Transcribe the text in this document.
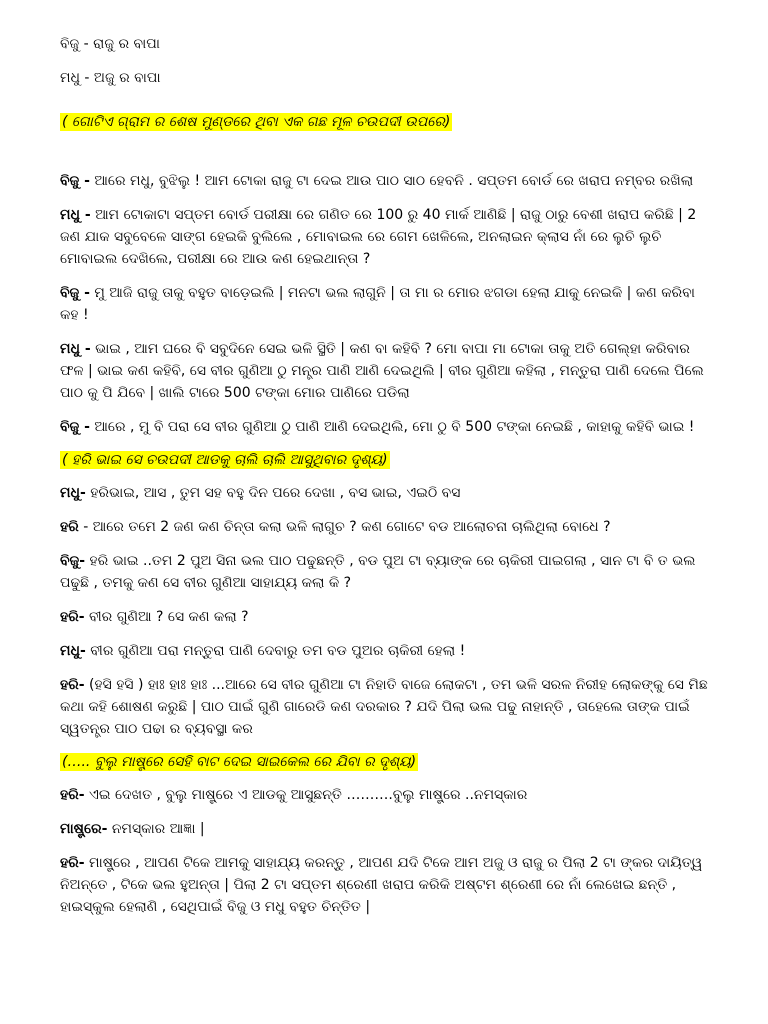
ବିଜୁ - ରାଜୁ ର ବାପା

ମଧୁ - ଅଜୁ ର ବାପା

( ଗୋଟିଏ ଗ୍ରାମ ର ଶେଷ ମୁଣ୍ଡରେ ଥିବା ଏକ ଗଛ ମୂଳ ଚଉପଦୀ ଉପରେ)

ବିଜୁ - ଆରେ ମଧୁ, ବୁଝିଲୁ ! ଆମ ଟୋକା ରାଜୁ ଟା ଦେଇ ଆଉ ପାଠ ସାଠ ହେବନି . ସପ୍ତମ ବୋର୍ଡ ରେ ଖରାପ ନମ୍ବର ରଖିଲା

ମଧୁ - ଆମ ଟୋକାଟା ସପ୍ତମ ବୋର୍ଡ ପରୀକ୍ଷା ରେ ଗଣିତ ରେ 100 ରୁ 40 ମାର୍କ ଆଣିଛି | ରାଜୁ ଠାରୁ ବେଶୀ ଖରାପ କରିଛି | 2 ଜଣ ଯାକ ସବୁବେଳେ ସାଙ୍ଗ ହେଇକି ବୁଲିଲେ , ମୋବାଇଲ ରେ ଗେମ ଖେଳିଲେ, ଅନଲାଇନ କ୍ଲାସ ନାଁ ରେ ଲୁଚି ଲୁଚି ମୋବାଇଲ ଦେଖିଲେ, ପରୀକ୍ଷା ରେ ଆଉ କଣ ହେଇଥାନ୍ତା ?

ବିଜୁ - ମୁ ଆଜି ରାଜୁ ତାକୁ ବହୁତ ବାଡ଼େଇଲି | ମନଟା ଭଲ ଲାଗୁନି | ତା ମା ର ମୋର ଝଗଡା ହେଲା ଯାକୁ ନେଇକି | କଣ କରିବା କହ !

ମଧୁ - ଭାଇ , ଆମ ଘରେ ବି ସବୁଦିନେ ସେଇ ଭଳି ସ୍ଥିତି | କଣ ବା କହିବି ? ମୋ ବାପା ମା ଟୋକା ତାକୁ ଅତି ଗେଲ୍ହା କରିବାର ଫଳ | ଭାଇ କଣ କହିବି, ସେ ବୀର ଗୁଣିଆ ଠୁ ମନ୍ତ୍ର ପାଣି ଆଣି ଦେଇଥିଲି | ବୀର ଗୁଣିଆ କହିଲା , ମନ୍ତୁରା ପାଣି ଦେଲେ ପିଲେ ପାଠ କୁ ପି ଯିବେ | ଖାଲି ଟାରେ 500 ଟଙ୍କା ମୋର ପାଣିରେ ପଡିଲା

ବିଜୁ - ଆରେ , ମୁ ବି ପରା ସେ ବୀର ଗୁଣିଆ ଠୁ ପାଣି ଆଣି ଦେଇଥିଲି, ମୋ ଠୁ ବି 500 ଟଙ୍କା ନେଇଛି , କାହାକୁ କହିବି ଭାଇ !

( ହରି ଭାଇ ସେ ଚଉପଦୀ ଆଡକୁ ଚାଲି ଚାଲି ଆସୁଥିବାର ଦୃଶ୍ୟ)

ମଧୁ- ହରିଭାଇ, ଆସ , ତୁମ ସହ ବହୁ ଦିନ ପରେ ଦେଖା , ବସ ଭାଇ, ଏଇଠି ବସ

ହରି - ଆରେ ତମେ 2 ଜଣ କଣ ଚିନ୍ତା କଲା ଭଳି ଲାଗୁଚ ? କଣ ଗୋଟେ ବଡ ଆଲୋଚନା ଚାଲିଥିଲା ବୋଧେ ?

ବିଜୁ- ହରି ଭାଇ ..ତମ 2 ପୁଅ ସିନା ଭଲ ପାଠ ପଢୁଛନ୍ତି , ବଡ ପୁଅ ଟା ବ୍ୟାଙ୍କ ରେ ଚାକିରୀ ପାଇଗଲା , ସାନ ଟା ବି ତ ଭଲ ପଢୁଛି , ତମକୁ କଣ ସେ ବୀର ଗୁଣିଆ ସାହାଯ୍ୟ କଲା କି ?

ହରି- ବୀର ଗୁଣିଆ ? ସେ କଣ କଲା ?

ମଧୁ- ବୀର ଗୁଣିଆ ପରା ମନ୍ତୁରା ପାଣି ଦେବାରୁ ତମ ବଡ ପୁଅର ଚାକିରୀ ହେଲା !

ହରି- (ହସି ହସି ) ହାଃ ହାଃ ହାଃ ...ଆରେ ସେ ବୀର ଗୁଣିଆ ଟା ନିହାତି ବାଜେ ଲୋକଟା , ତମ ଭଳି ସରଳ ନିରୀହ ଲୋକଙ୍କୁ ସେ ମିଛ କଥା କହି ଶୋଷଣ କରୁଛି | ପାଠ ପାଇଁ ଗୁଣି ଗାରେଡି କଣ ଦରକାର ? ଯଦି ପିଲା ଭଲ ପଢୁ ନାହାନ୍ତି , ତାହେଲେ ତାଙ୍କ ପାଇଁ ସ୍ୱତନ୍ତ୍ର ପାଠ ପଢା ର ବ୍ୟବସ୍ଥା କର

(….. ବୁଲୁ ମାଷ୍ଟ୍ରେ ସେହି ବାଟ ଦେଇ ସାଇକେଲ ରେ ଯିବା ର ଦୃଶ୍ୟ)

ହରି- ଏଇ ଦେଖତ , ବୁଲୁ ମାଷ୍ଟ୍ରେ ଏ ଆଡକୁ ଆସୁଛନ୍ତି ……….ବୁଲୁ ମାଷ୍ଟ୍ରେ ..ନମସ୍କାର

ମାଷ୍ଟ୍ରେ- ନମସ୍କାର ଆଜ୍ଞା |

ହରି- ମାଷ୍ଟ୍ରେ , ଆପଣ ଟିକେ ଆମକୁ ସାହାଯ୍ୟ କରନ୍ତୁ , ଆପଣ ଯଦି ଟିକେ ଆମ ଅଜୁ ଓ ରାଜୁ ର ପିଲା 2 ଟା ଙ୍କର ଦାୟିତ୍ୱ ନିଅନ୍ତେ , ଟିକେ ଭଲ ହୁଅନ୍ତା | ପିଲା 2 ଟା ସପ୍ତମ ଶ୍ରେଣୀ ଖରାପ କରିକି ଅଷ୍ଟମ ଶ୍ରେଣୀ ରେ ନାଁ ଲେଖେଇ ଛନ୍ତି , ହାଇସ୍କୁଲ ହେଲାଣି , ସେଥିପାଇଁ ବିଜୁ ଓ ମଧୁ ବହୁତ ଚିନ୍ତିତ |
